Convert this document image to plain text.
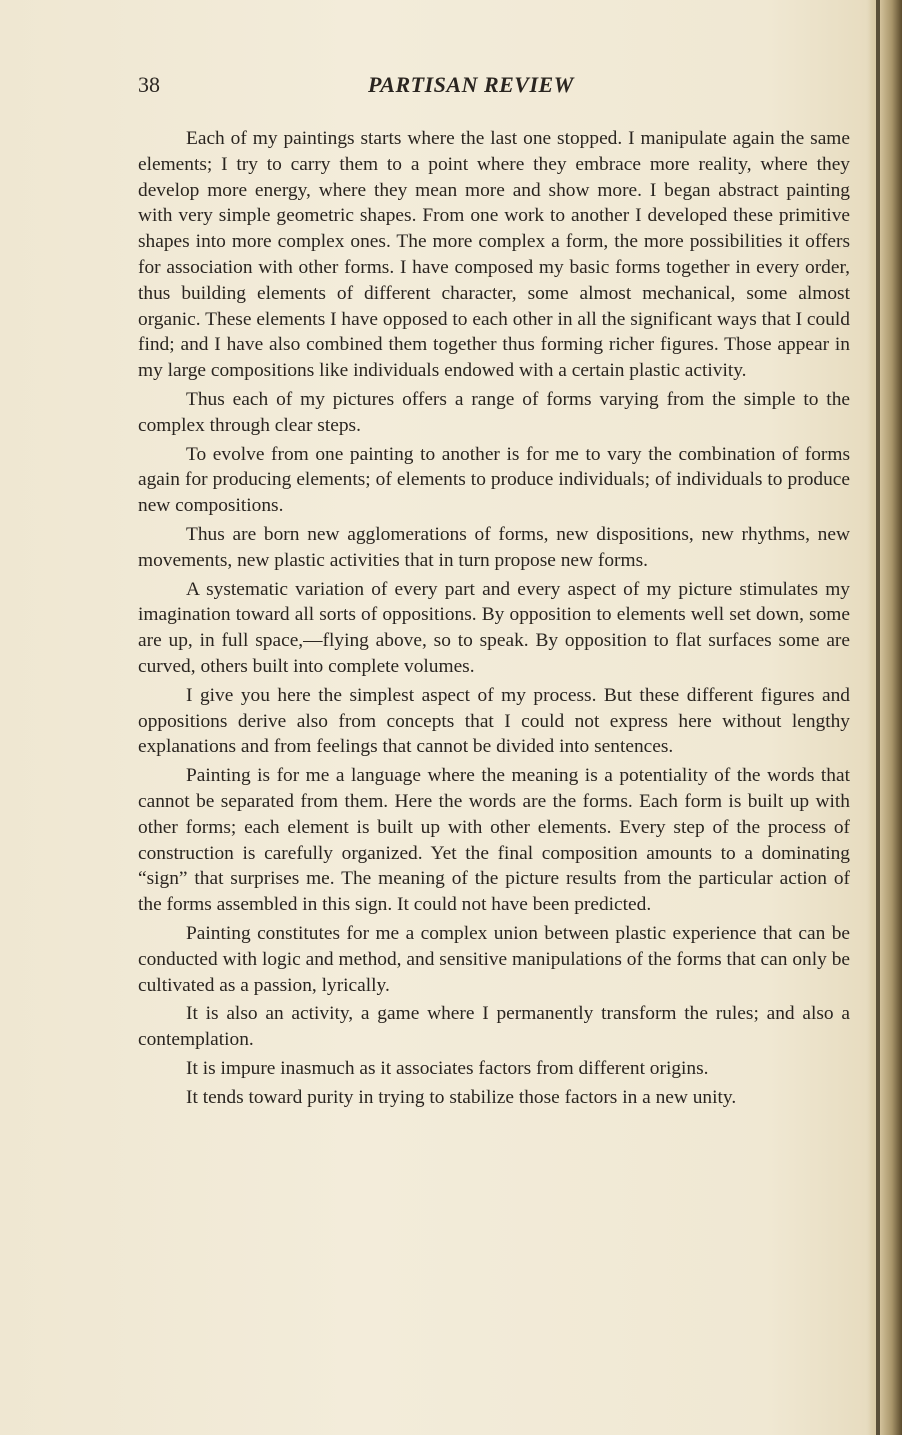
38	PARTISAN REVIEW

Each of my paintings starts where the last one stopped. I manipulate again the same elements; I try to carry them to a point where they embrace more reality, where they develop more energy, where they mean more and show more. I began abstract painting with very simple geometric shapes. From one work to another I developed these primitive shapes into more complex ones. The more complex a form, the more possibilities it offers for association with other forms. I have composed my basic forms together in every order, thus building elements of different character, some almost mechanical, some almost organic. These elements I have opposed to each other in all the significant ways that I could find; and I have also combined them together thus forming richer figures. Those appear in my large compositions like individuals endowed with a certain plastic activity.

Thus each of my pictures offers a range of forms varying from the simple to the complex through clear steps.

To evolve from one painting to another is for me to vary the combination of forms again for producing elements; of elements to produce individuals; of individuals to produce new compositions.

Thus are born new agglomerations of forms, new dispositions, new rhythms, new movements, new plastic activities that in turn propose new forms.

A systematic variation of every part and every aspect of my picture stimulates my imagination toward all sorts of oppositions. By opposition to elements well set down, some are up, in full space,—flying above, so to speak. By opposition to flat surfaces some are curved, others built into complete volumes.

I give you here the simplest aspect of my process. But these different figures and oppositions derive also from concepts that I could not express here without lengthy explanations and from feelings that cannot be divided into sentences.

Painting is for me a language where the meaning is a potentiality of the words that cannot be separated from them. Here the words are the forms. Each form is built up with other forms; each element is built up with other elements. Every step of the process of construction is carefully organized. Yet the final composition amounts to a dominating “sign” that surprises me. The meaning of the picture results from the particular action of the forms assembled in this sign. It could not have been predicted.

Painting constitutes for me a complex union between plastic experience that can be conducted with logic and method, and sensitive manipulations of the forms that can only be cultivated as a passion, lyrically.

It is also an activity, a game where I permanently transform the rules; and also a contemplation.

It is impure inasmuch as it associates factors from different origins.

It tends toward purity in trying to stabilize those factors in a new unity.
